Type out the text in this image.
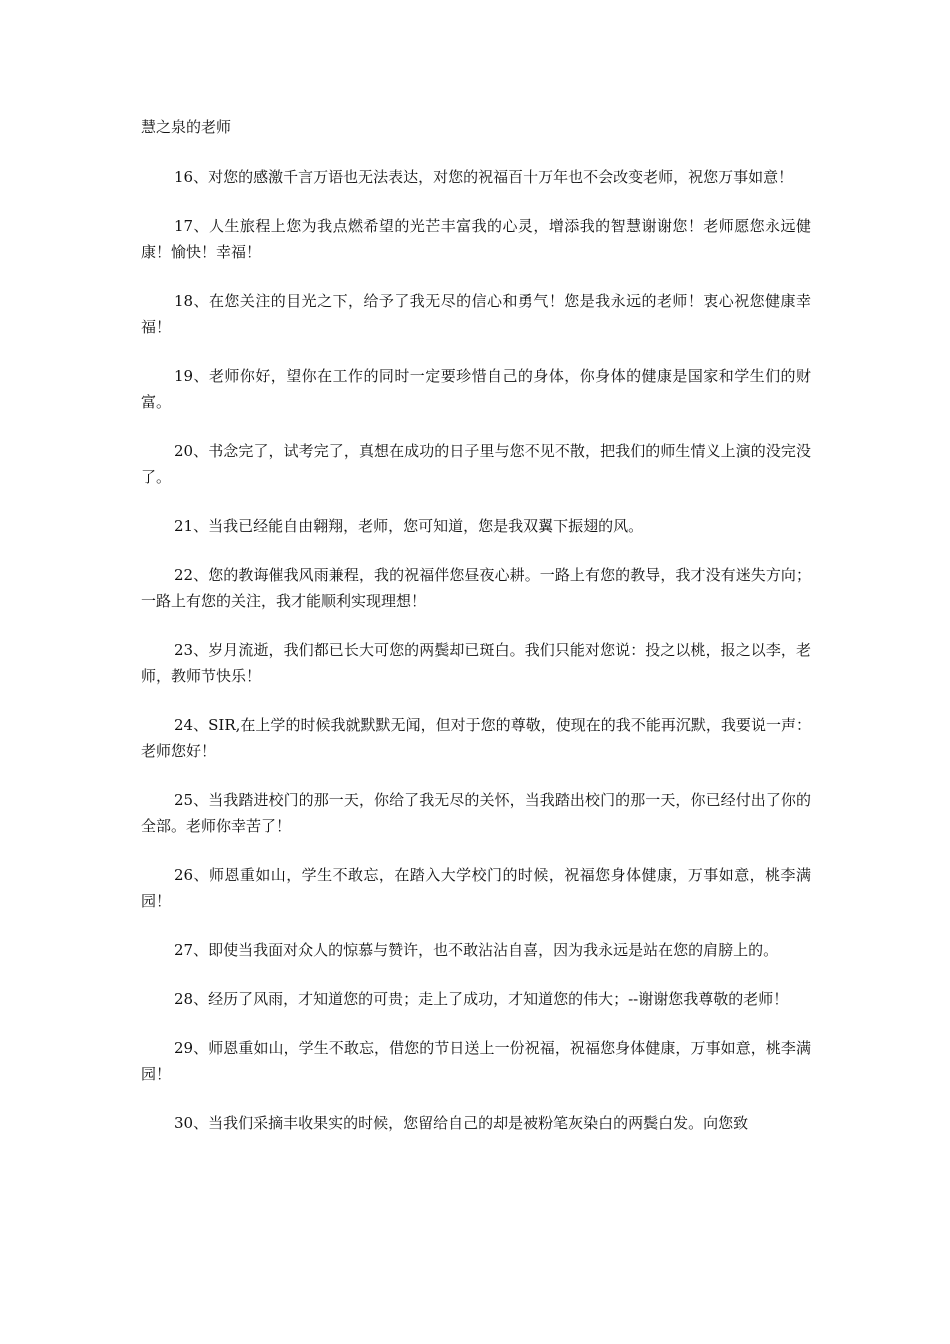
慧之泉的老师

16、对您的感激千言万语也无法表达，对您的祝福百十万年也不会改变老师，祝您万事如意！

17、人生旅程上您为我点燃希望的光芒丰富我的心灵，增添我的智慧谢谢您！老师愿您永远健康！愉快！幸福！

18、在您关注的目光之下，给予了我无尽的信心和勇气！您是我永远的老师！衷心祝您健康幸福！

19、老师你好，望你在工作的同时一定要珍惜自己的身体，你身体的健康是国家和学生们的财富。

20、书念完了，试考完了，真想在成功的日子里与您不见不散，把我们的师生情义上演的没完没了。

21、当我已经能自由翱翔，老师，您可知道，您是我双翼下振翅的风。

22、您的教诲催我风雨兼程，我的祝福伴您昼夜心耕。一路上有您的教导，我才没有迷失方向；一路上有您的关注，我才能顺利实现理想！

23、岁月流逝，我们都已长大可您的两鬓却已斑白。我们只能对您说：投之以桃，报之以李，老师，教师节快乐！

24、SIR,在上学的时候我就默默无闻，但对于您的尊敬，使现在的我不能再沉默，我要说一声：老师您好！

25、当我踏进校门的那一天，你给了我无尽的关怀，当我踏出校门的那一天，你已经付出了你的全部。老师你幸苦了！

26、师恩重如山，学生不敢忘，在踏入大学校门的时候，祝福您身体健康，万事如意，桃李满园！

27、即使当我面对众人的惊慕与赞许，也不敢沾沾自喜，因为我永远是站在您的肩膀上的。

28、经历了风雨，才知道您的可贵；走上了成功，才知道您的伟大；--谢谢您我尊敬的老师！

29、师恩重如山，学生不敢忘，借您的节日送上一份祝福，祝福您身体健康，万事如意，桃李满园！

30、当我们采摘丰收果实的时候，您留给自己的却是被粉笔灰染白的两鬓白发。向您致
